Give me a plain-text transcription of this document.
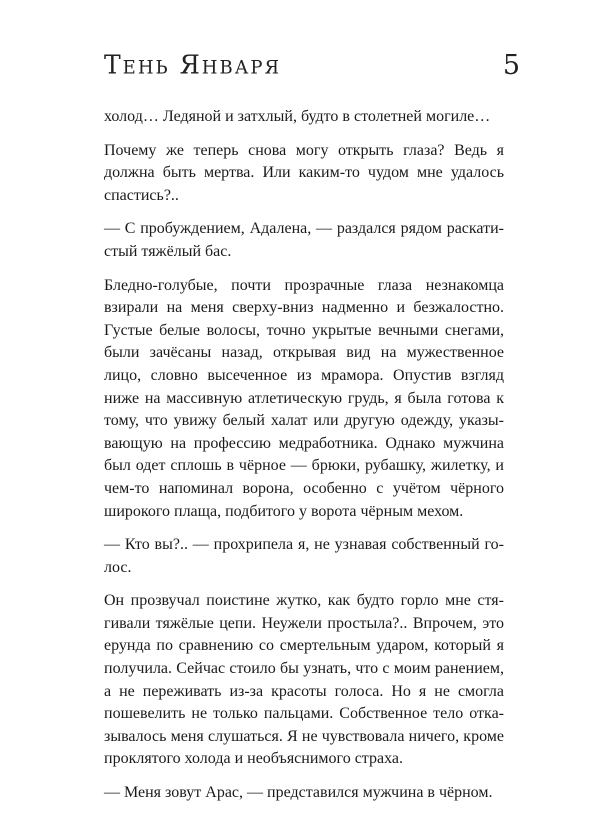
Тень Января	5

холод… Ледяной и затхлый, будто в столетней могиле…

Почему же теперь снова могу открыть глаза? Ведь я должна быть мертва. Или каким-то чудом мне удалось спастись?..

— С пробуждением, Адалена, — раздался рядом раскатистый тяжёлый бас.

Бледно-голубые, почти прозрачные глаза незнакомца взирали на меня сверху-вниз надменно и безжалостно. Густые белые волосы, точно укрытые вечными снегами, были зачёсаны назад, открывая вид на мужественное лицо, словно высеченное из мрамора. Опустив взгляд ниже на массивную атлетическую грудь, я была готова к тому, что увижу белый халат или другую одежду, указывающую на профессию медработника. Однако мужчина был одет сплошь в чёрное — брюки, рубашку, жилетку, и чем-то напоминал ворона, особенно с учётом чёрного широкого плаща, подбитого у ворота чёрным мехом.

— Кто вы?.. — прохрипела я, не узнавая собственный голос.

Он прозвучал поистине жутко, как будто горло мне стягивали тяжёлые цепи. Неужели простыла?.. Впрочем, это ерунда по сравнению со смертельным ударом, который я получила. Сейчас стоило бы узнать, что с моим ранением, а не переживать из-за красоты голоса. Но я не смогла пошевелить не только пальцами. Собственное тело отказывалось меня слушаться. Я не чувствовала ничего, кроме проклятого холода и необъяснимого страха.

— Меня зовут Арас, — представился мужчина в чёрном.
